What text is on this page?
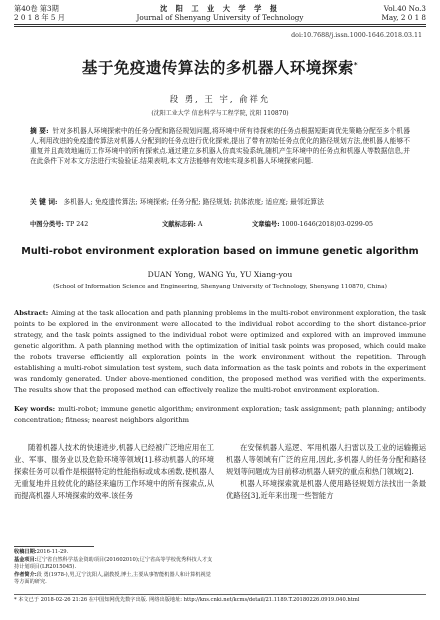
第40卷 第3期
2 0 1 8 年 5 月
沈 阳 工 业 大 学 学 报
Journal of Shenyang University of Technology
Vol.40 No.3
May, 2 0 1 8
doi:10.7688/j.issn.1000-1646.2018.03.11
基于免疫遗传算法的多机器人环境探索*
段 勇, 王 宇, 俞祥允
(沈阳工业大学 信息科学与工程学院, 沈阳 110870)
摘 要: 针对多机器人环境探索中的任务分配和路径规划问题,将环境中所有待探索的任务点根据短距离优先策略分配至多个机器人,利用改进的免疫遗传算法对机器人分配到的任务点进行优化探索,提出了带有初始任务点优化的路径规划方法,使机器人能够不重复并且高效地遍历工作环境中的所有探索点.通过建立多机器人仿真实验系统,随机产生环境中的任务点和机器人等数据信息,并在此条件下对本文方法进行实验验证.结果表明,本文方法能够有效地实现多机器人环境探索问题.
关 键 词: 多机器人; 免疫遗传算法; 环境探索; 任务分配; 路径规划; 抗体浓度; 适应度; 最邻近算法
中图分类号: TP 242	文献标志码: A	文章编号: 1000-1646(2018)03-0299-05
Multi-robot environment exploration based on immune genetic algorithm
DUAN Yong, WANG Yu, YU Xiang-you
(School of Information Science and Engineering, Shenyang University of Technology, Shenyang 110870, China)
Abstract: Aiming at the task allocation and path planning problems in the multi-robot environment exploration, the task points to be explored in the environment were allocated to the individual robot according to the short distance-prior strategy, and the task points assigned to the individual robot were optimized and explored with an improved immune genetic algorithm. A path planning method with the optimization of initial task points was proposed, which could make the robots traverse efficiently all exploration points in the work environment without the repetition. Through establishing a multi-robot simulation test system, such data information as the task points and robots in the experiment was randomly generated. Under above-mentioned condition, the proposed method was verified with the experiments. The results show that the proposed method can effectively realize the multi-robot environment exploration.
Key words: multi-robot; immune genetic algorithm; environment exploration; task assignment; path planning; antibody concentration; fitness; nearest neighbors algorithm

随着机器人技术的快速进步,机器人已经被广泛地应用在工业、军事、服务业以及危险环境等领域[1].移动机器人的环境探索任务可以看作是根据特定的性能指标或成本函数,使机器人无重复地并且较优化的路径来遍历工作环境中的所有探索点,从而提高机器人环境探索的效率.该任务

在安保机器人巡逻、军用机器人扫雷以及工业的运输搬运机器人等领域有广泛的应用,因此,多机器人的任务分配和路径规划等问题成为目前移动机器人研究的重点和热门领域[2].

机器人环境探索就是机器人使用路径规划方法找出一条最优路径[3],近年来出现一些智能方

收稿日期:2016-11-29.
基金项目:辽宁省自然科学基金资助项目(201602010);辽宁省高等学校优秀科技人才支持计划项目(LR2015045).
作者简介:段 勇(1978-),男,辽宁沈阳人,副教授,博士,主要从事智能机器人和计算机视觉等方面的研究.
* 本文已于 2018-02-26 21:26 在中国知网优先数字出版. 网络出版地址: http://kns.cnki.net/kcms/detail/21.1189.T.20180226.0919.040.html
